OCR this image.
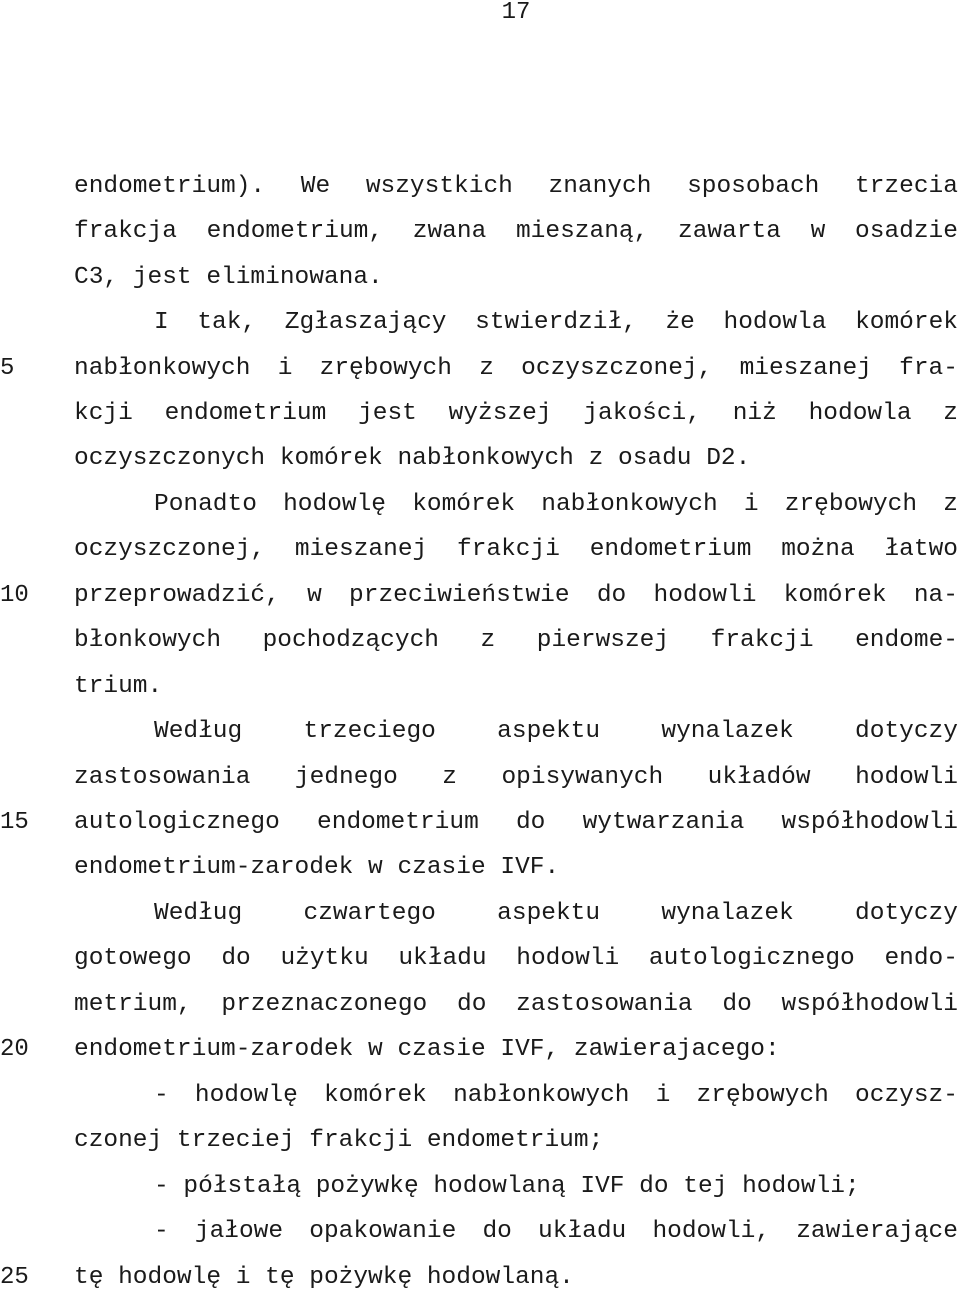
17
5
10
15
20
25
endometrium). We wszystkich znanych sposobach trzecia
frakcja endometrium, zwana mieszaną, zawarta w osadzie
C3, jest eliminowana.
I tak, Zgłaszający stwierdził, że hodowla komórek
nabłonkowych i zrębowych z oczyszczonej, mieszanej fra-
kcji endometrium jest wyższej jakości, niż hodowla z
oczyszczonych komórek nabłonkowych z osadu D2.
Ponadto hodowlę komórek nabłonkowych i zrębowych z
oczyszczonej, mieszanej frakcji endometrium można łatwo
przeprowadzić, w przeciwieństwie do hodowli komórek na-
błonkowych pochodzących z pierwszej frakcji endome-
trium.
Według	trzeciego	aspektu	wynalazek	dotyczy
zastosowania jednego z opisywanych układów hodowli
autologicznego endometrium do wytwarzania współhodowli
endometrium-zarodek w czasie IVF.
Według	czwartego	aspektu	wynalazek	dotyczy
gotowego do użytku układu hodowli autologicznego endo-
metrium, przeznaczonego do zastosowania do współhodowli
endometrium-zarodek w czasie IVF, zawierajacego:
- hodowlę komórek nabłonkowych i zrębowych oczysz-
czonej trzeciej frakcji endometrium;
- półstałą pożywkę hodowlaną IVF do tej hodowli;
- jałowe opakowanie do układu hodowli, zawierające
tę hodowlę i tę pożywkę hodowlaną.
